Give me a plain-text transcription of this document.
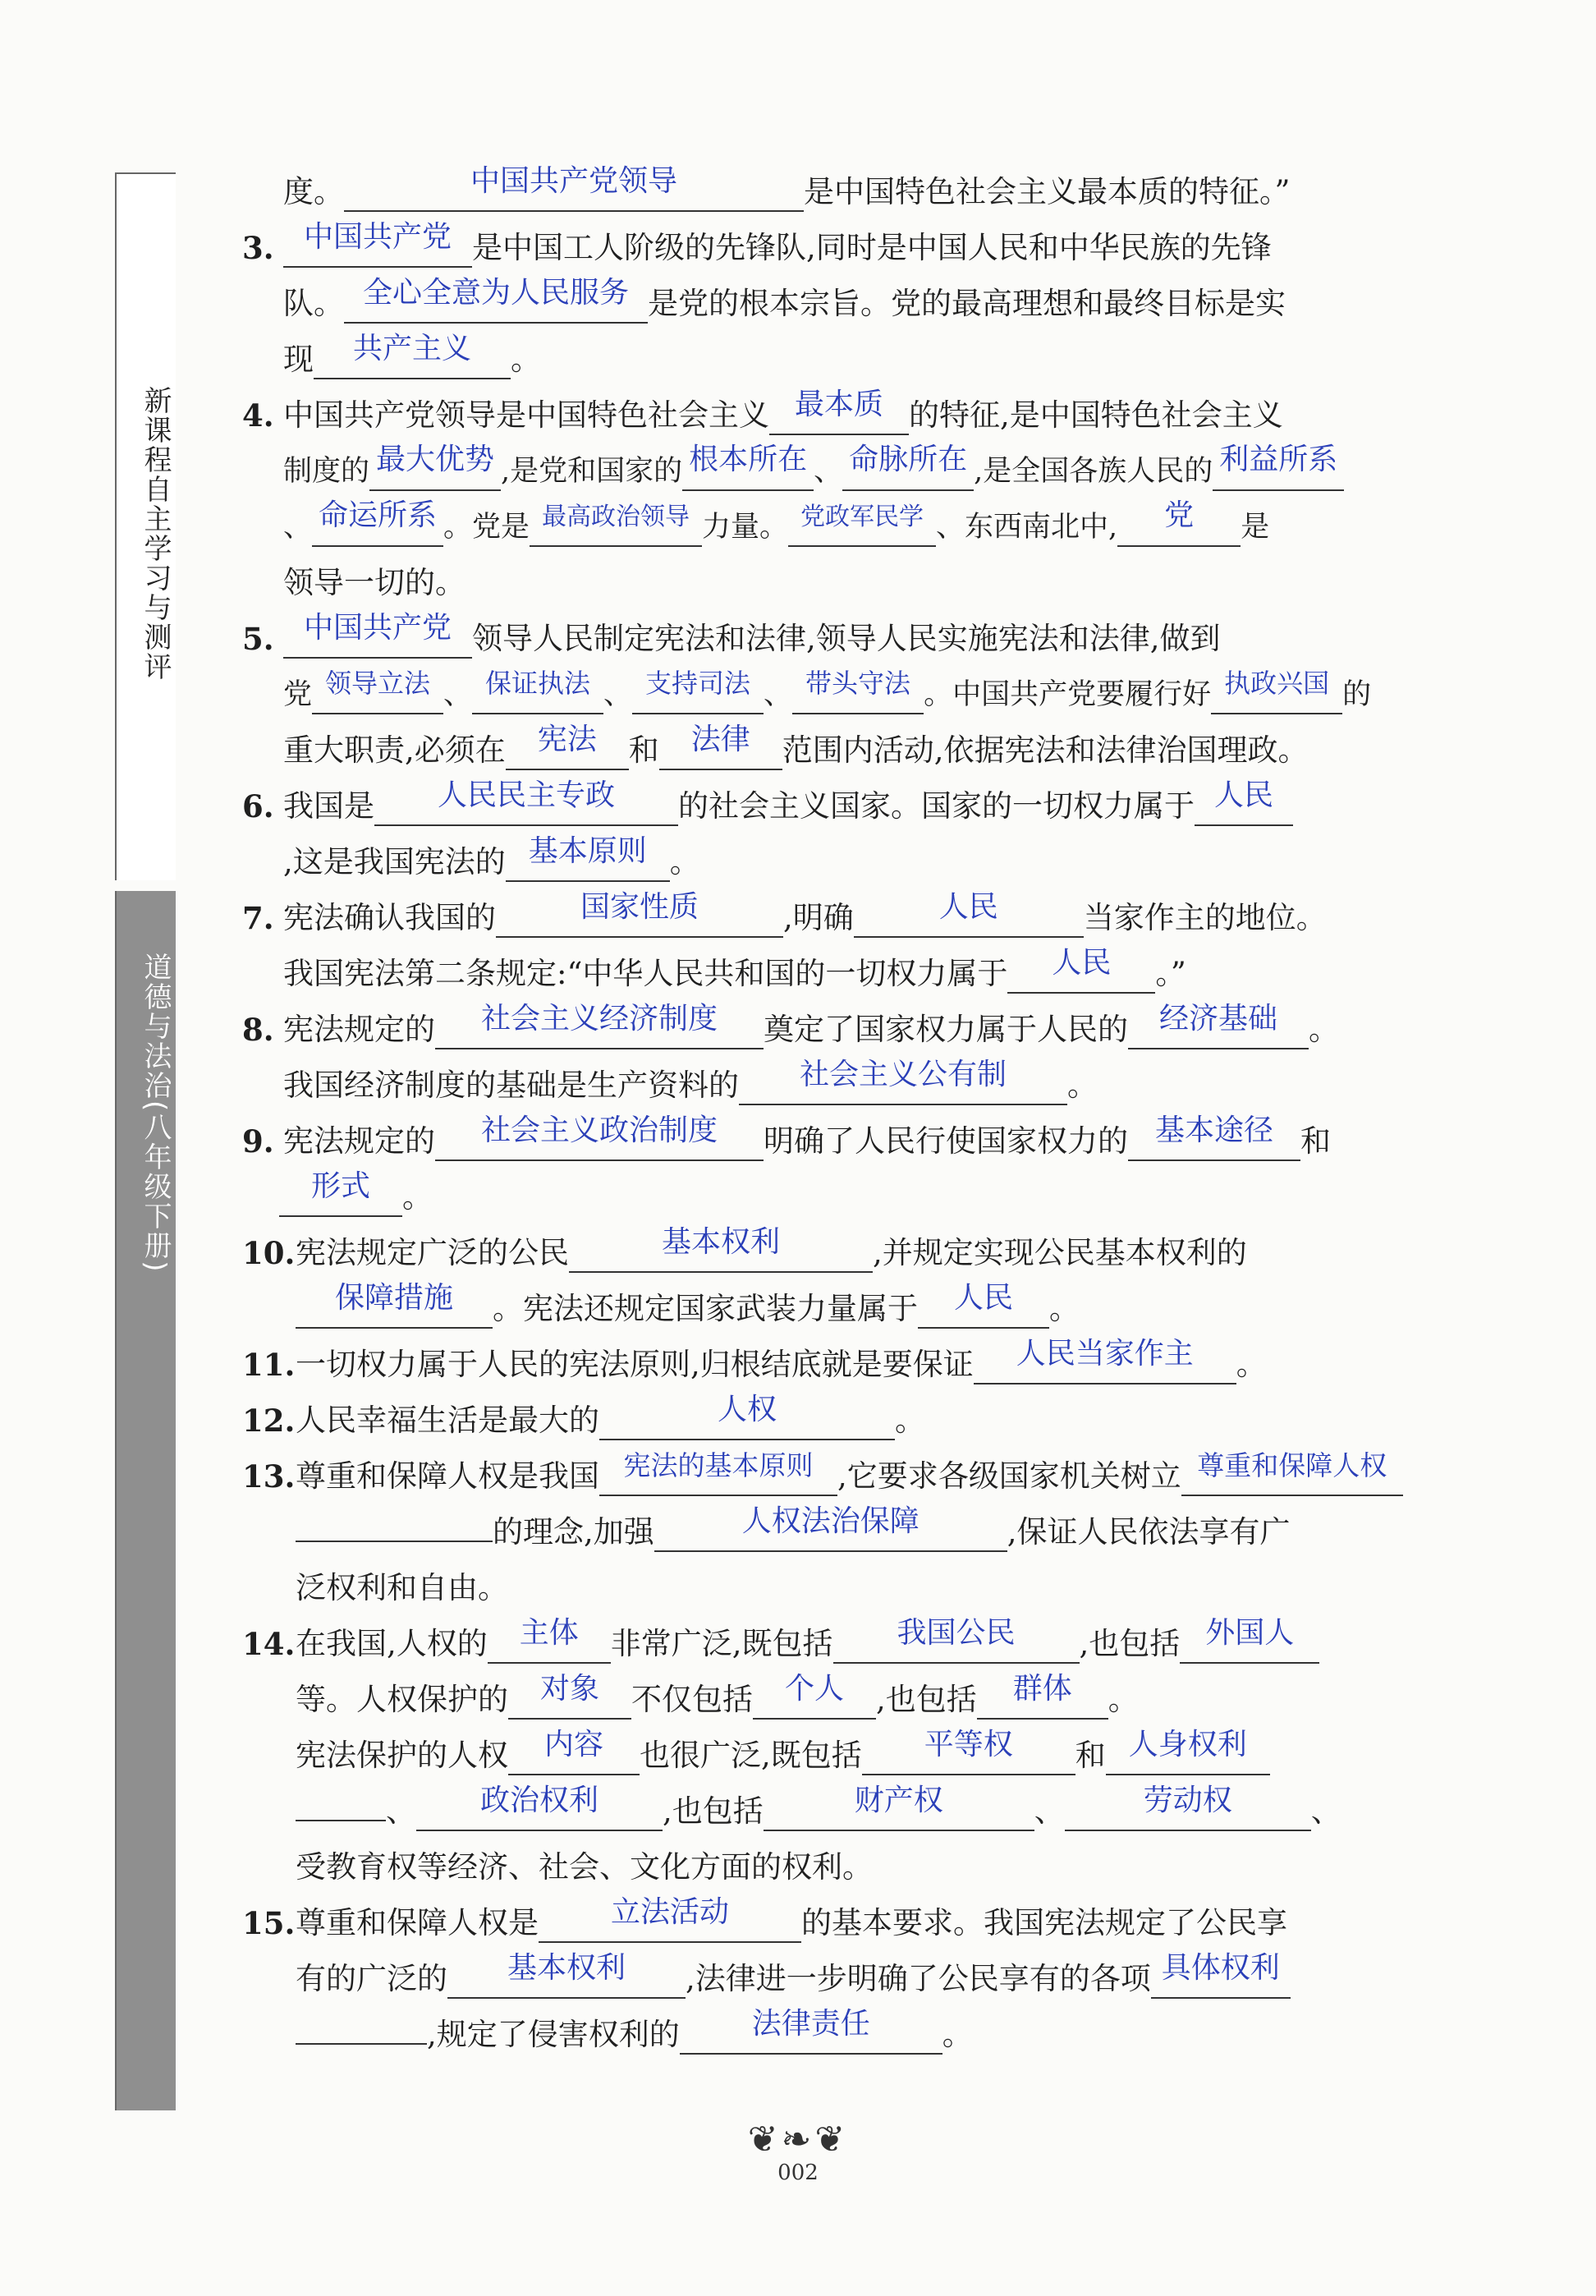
新课程自主学习与测评
道德与法治(八年级下册)
度。	中国共产党领导	是中国特色社会主义最本质的特征。”
3.	中国共产党 是中国工人阶级的先锋队,同时是中国人民和中华民族的先锋
队。 全心全意为人民服务 是党的根本宗旨。党的最高理想和最终目标是实
现 共产主义 。
4. 中国共产党领导是中国特色社会主义 最本质 的特征,是中国特色社会主义
制度的 最大优势 ,是党和国家的 根本所在 、 命脉所在 ,是全国各族人民的 利益所系
、 命运所系 。党是 最高政治领导 力量。 党政军民学 、东西南北中, 党 是
领导一切的。
5.	中国共产党 领导人民制定宪法和法律,领导人民实施宪法和法律,做到
党 领导立法 、 保证执法 、 支持司法 、 带头守法 。中国共产党要履行好 执政兴国 的
重大职责,必须在 宪法 和 法律 范围内活动,依据宪法和法律治国理政。
6. 我国是 人民民主专政 的社会主义国家。国家的一切权力属于 人民
,这是我国宪法的 基本原则 。
7. 宪法确认我国的	国家性质	,明确	人民	当家作主的地位。
我国宪法第二条规定:“中华人民共和国的一切权力属于 人民 。”
8. 宪法规定的 社会主义经济制度 奠定了国家权力属于人民的 经济基础 。
我国经济制度的基础是生产资料的 社会主义公有制 。
9. 宪法规定的 社会主义政治制度 明确了人民行使国家权力的 基本途径 和
形式 。
10. 宪法规定广泛的公民	基本权利	,并规定实现公民基本权利的
保障措施 。宪法还规定国家武装力量属于 人民 。
11. 一切权力属于人民的宪法原则,归根结底就是要保证 人民当家作主 。
12. 人民幸福生活是最大的	人权	。
13. 尊重和保障人权是我国 宪法的基本原则 ,它要求各级国家机关树立 尊重和保障人权
的理念,加强	人权法治保障	,保证人民依法享有广
泛权利和自由。
14. 在我国,人权的 主体 非常广泛,既包括 我国公民 ,也包括 外国人
等。人权保护的 对象 不仅包括 个人 ,也包括 群体 。
宪法保护的人权 内容 也很广泛,既包括 平等权 和 人身权利
、 政治权利 ,也包括	财产权	、	劳动权	、
受教育权等经济、社会、文化方面的权利。
15. 尊重和保障人权是 立法活动 的基本要求。我国宪法规定了公民享
有的广泛的 基本权利 ,法律进一步明确了公民享有的各项 具体权利
,规定了侵害权利的 法律责任 。
❦❧❦
002
